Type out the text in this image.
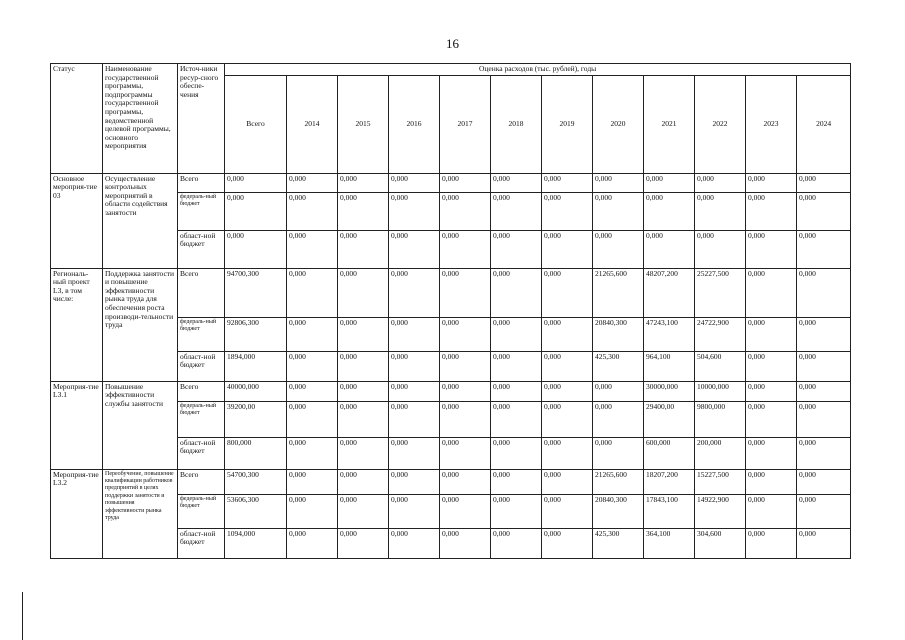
16
Статус	Наименование государственной программы, подпрограммы государственной программы, ведомственной целевой программы, основного мероприятия	Источ-ники ресур-сного обеспе-чения	Оценка расходов (тыс. рублей), годы											
			Всего	2014	2015	2016	2017	2018	2019	2020	2021	2022	2023	2024
Основное мероприя-тие 03	Осуществление контрольных мероприятий в области содействия занятости	Всего	0,000	0,000	0,000	0,000	0,000	0,000	0,000	0,000	0,000	0,000	0,000	0,000
		федераль-ный бюджет	0,000	0,000	0,000	0,000	0,000	0,000	0,000	0,000	0,000	0,000	0,000	0,000
		област-ной бюджет	0,000	0,000	0,000	0,000	0,000	0,000	0,000	0,000	0,000	0,000	0,000	0,000
Региональ-ный проект L3, в том числе:	Поддержка занятости и повышение эффективности рынка труда для обеспечения роста производи-тельности труда	Всего	94700,300	0,000	0,000	0,000	0,000	0,000	0,000	21265,600	48207,200	25227,500	0,000	0,000
		федераль-ный бюджет	92806,300	0,000	0,000	0,000	0,000	0,000	0,000	20840,300	47243,100	24722,900	0,000	0,000
		област-ной бюджет	1894,000	0,000	0,000	0,000	0,000	0,000	0,000	425,300	964,100	504,600	0,000	0,000
Мероприя-тие L3.1	Повышение эффективности службы занятости	Всего	40000,000	0,000	0,000	0,000	0,000	0,000	0,000	0,000	30000,000	10000,000	0,000	0,000
		федераль-ный бюджет	39200,00	0,000	0,000	0,000	0,000	0,000	0,000	0,000	29400,00	9800,000	0,000	0,000
		област-ной бюджет	800,000	0,000	0,000	0,000	0,000	0,000	0,000	0,000	600,000	200,000	0,000	0,000
Мероприя-тие L3.2	Переобучение, повышение квалификации работников предприятий в целях поддержки занятости и повышения эффективности рынка труда	Всего	54700,300	0,000	0,000	0,000	0,000	0,000	0,000	21265,600	18207,200	15227,500	0,000	0,000
		федераль-ный бюджет	53606,300	0,000	0,000	0,000	0,000	0,000	0,000	20840,300	17843,100	14922,900	0,000	0,000
		област-ной бюджет	1094,000	0,000	0,000	0,000	0,000	0,000	0,000	425,300	364,100	304,600	0,000	0,000
